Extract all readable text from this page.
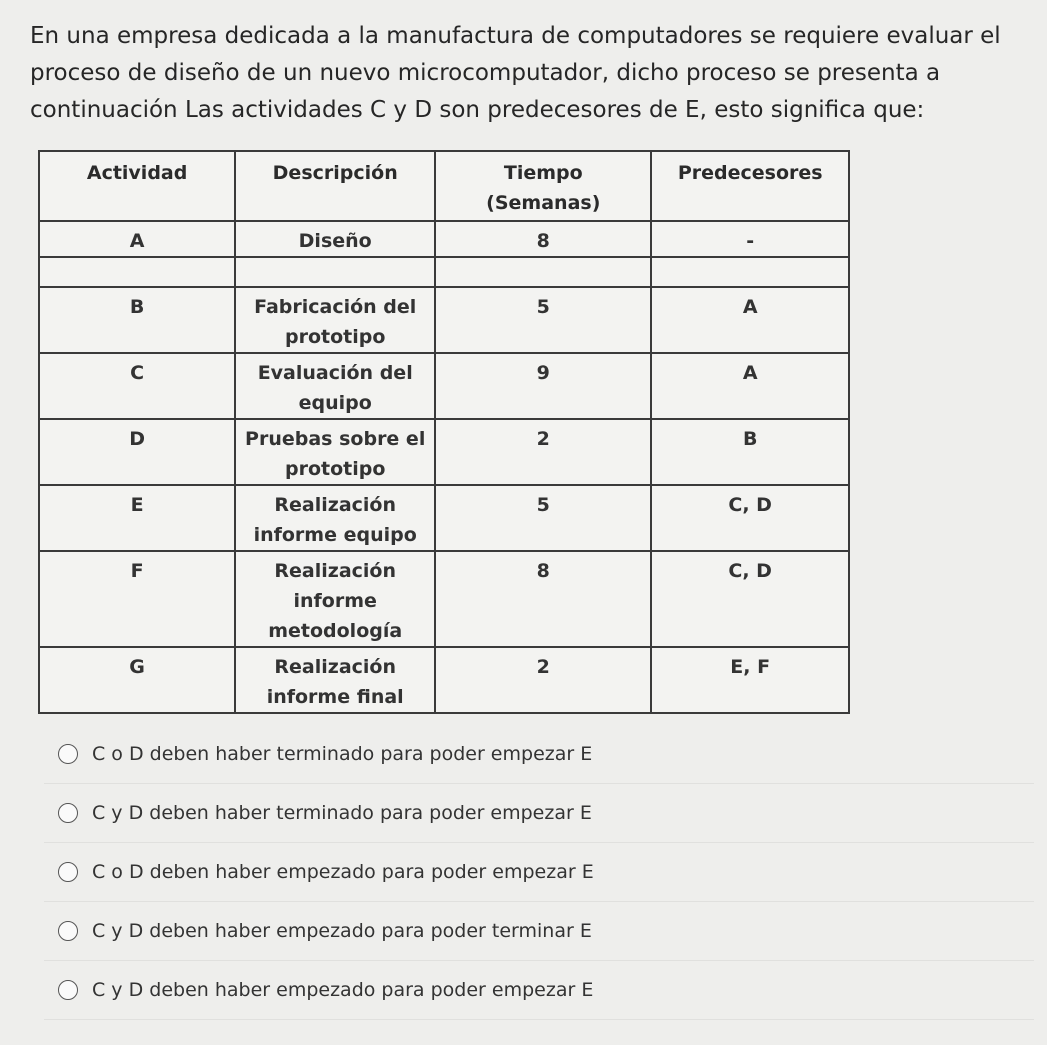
En una empresa dedicada a la manufactura de computadores se requiere evaluar el

proceso de diseño de un nuevo microcomputador, dicho proceso se presenta a

continuación Las actividades C y D son predecesores de E, esto significa que:

Actividad	Descripción	Tiempo (Semanas)	Predecesores
A	Diseño	8	-

B	Fabricación del prototipo	5	A
C	Evaluación del equipo	9	A
D	Pruebas sobre el prototipo	2	B
E	Realización informe equipo	5	C, D
F	Realización informe metodología	8	C, D
G	Realización informe final	2	E, F
C o D deben haber terminado para poder empezar E
C y D deben haber terminado para poder empezar E
C o D deben haber empezado para poder empezar E
C y D deben haber empezado para poder terminar E
C y D deben haber empezado para poder empezar E
